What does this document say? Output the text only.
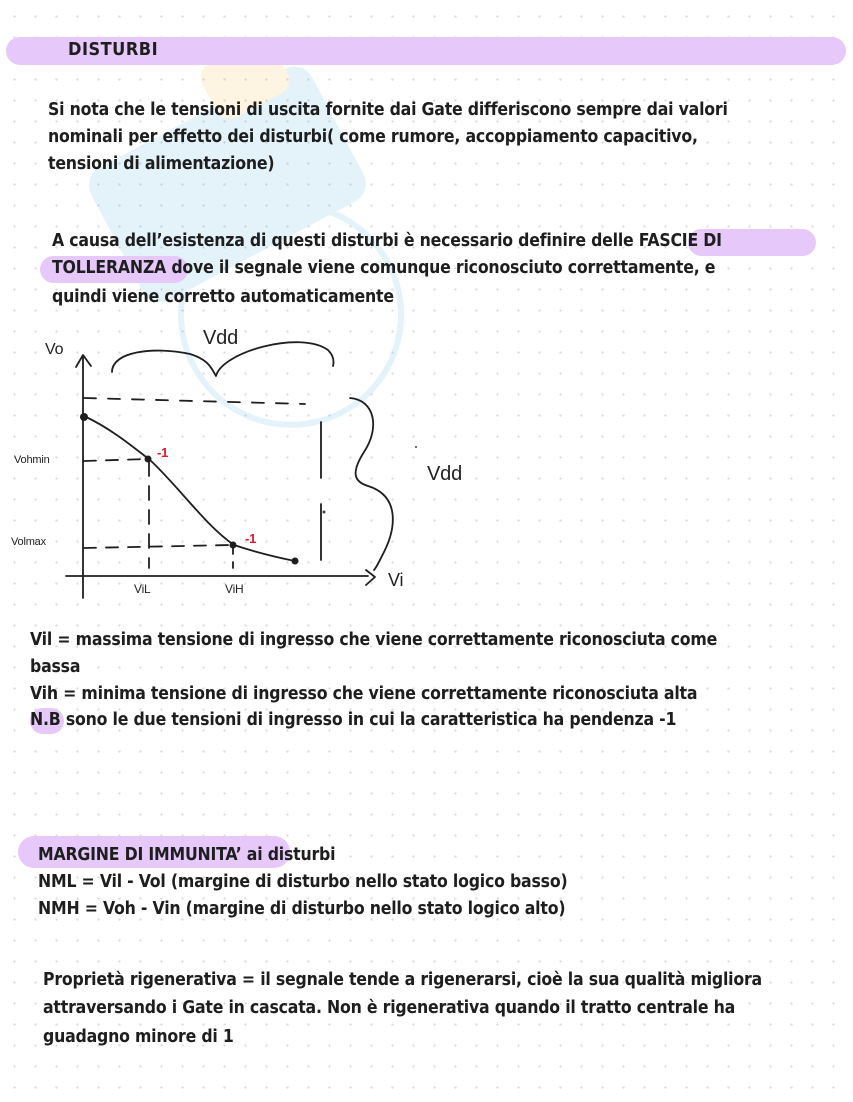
DISTURBI
Si nota che le tensioni di uscita fornite dai Gate differiscono sempre dai valori
nominali per effetto dei disturbi( come rumore, accoppiamento capacitivo,
tensioni di alimentazione)
A causa dell’esistenza di questi disturbi è necessario definire delle FASCIE DI
TOLLERANZA dove il segnale viene comunque riconosciuto correttamente, e
quindi viene corretto automaticamente
Vo
Vdd
Vdd
Vohmin
Volmax
ViL	ViH	Vi
-1
-1
Vil = massima tensione di ingresso che viene correttamente riconosciuta come
bassa
Vih = minima tensione di ingresso che viene correttamente riconosciuta alta
N.B sono le due tensioni di ingresso in cui la caratteristica ha pendenza -1
MARGINE DI IMMUNITA’ ai disturbi
NML = Vil - Vol (margine di disturbo nello stato logico basso)
NMH = Voh - Vin (margine di disturbo nello stato logico alto)
Proprietà rigenerativa = il segnale tende a rigenerarsi, cioè la sua qualità migliora
attraversando i Gate in cascata. Non è rigenerativa quando il tratto centrale ha
guadagno minore di 1
